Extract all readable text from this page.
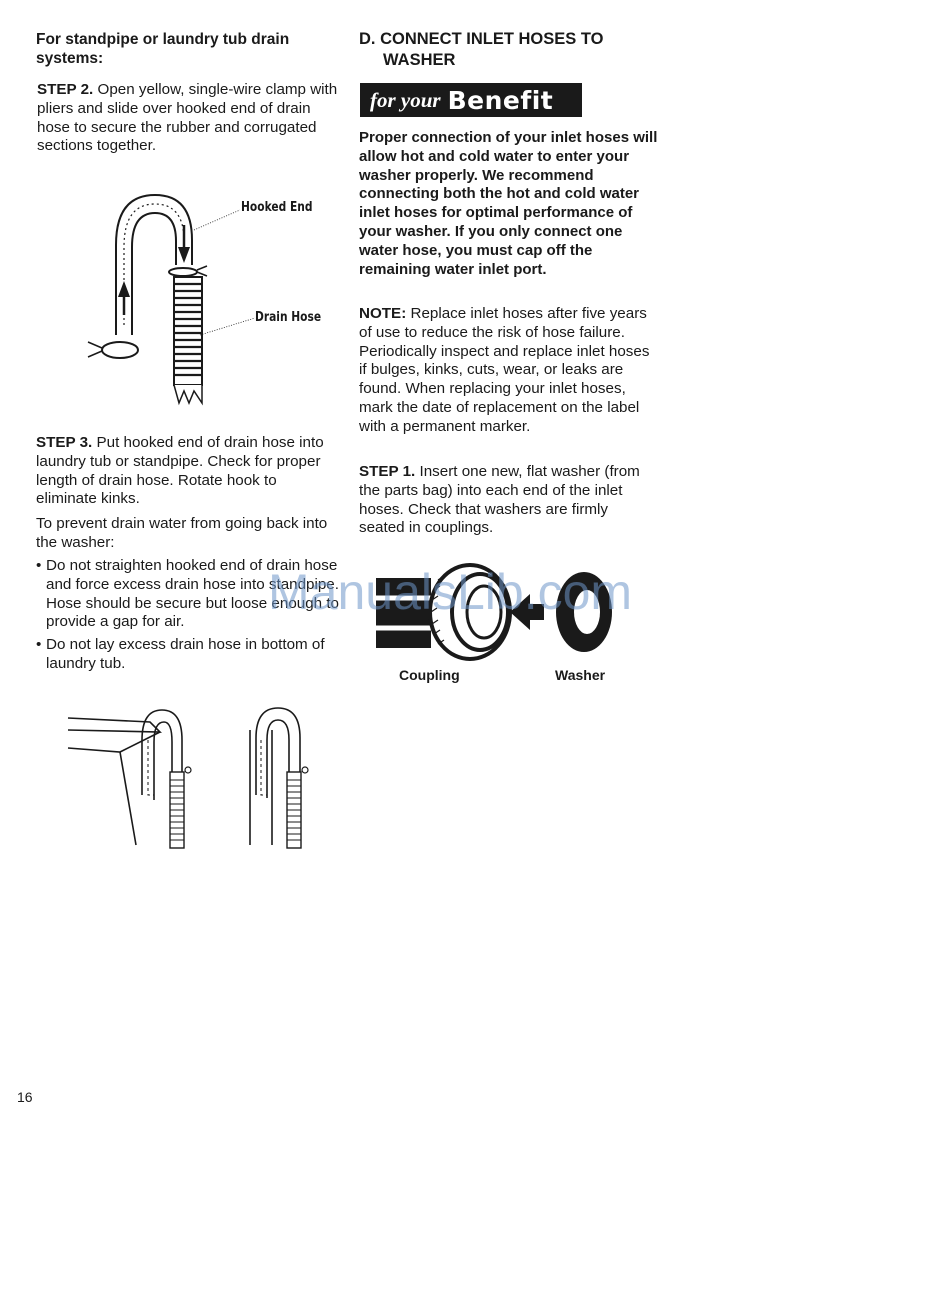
For standpipe or laundry tub drain systems:
STEP 2. Open yellow, single-wire clamp with pliers and slide over hooked end of drain hose to secure the rubber and corrugated sections together.
Hooked End
Drain Hose
STEP 3. Put hooked end of drain hose into laundry tub or standpipe. Check for proper length of drain hose. Rotate hook to eliminate kinks.
To prevent drain water from going back into the washer:
• Do not straighten hooked end of drain hose and force excess drain hose into standpipe. Hose should be secure but loose enough to provide a gap for air.
• Do not lay excess drain hose in bottom of laundry tub.
D. CONNECT INLET HOSES TO WASHER
for your Benefit
Proper connection of your inlet hoses will allow hot and cold water to enter your washer properly. We recommend connecting both the hot and cold water inlet hoses for optimal performance of your washer. If you only connect one water hose, you must cap off the remaining water inlet port.
NOTE: Replace inlet hoses after five years of use to reduce the risk of hose failure. Periodically inspect and replace inlet hoses if bulges, kinks, cuts, wear, or leaks are found. When replacing your inlet hoses, mark the date of replacement on the label with a permanent marker.
STEP 1. Insert one new, flat washer (from the parts bag) into each end of the inlet hoses. Check that washers are firmly seated in couplings.
Coupling	Washer
ManualsLib.com
16
